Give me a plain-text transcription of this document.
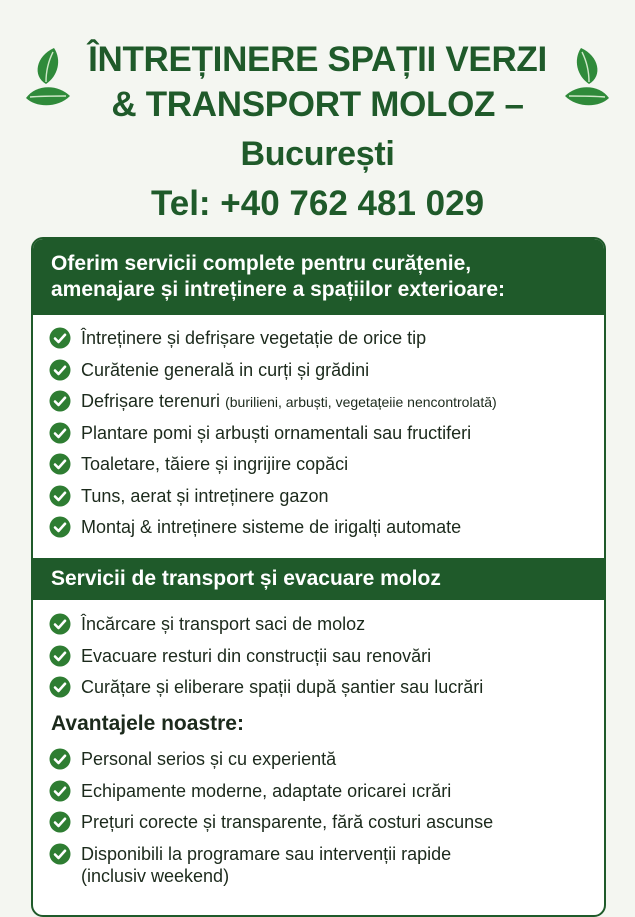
ÎNTREȚINERE SPAȚII VERZI
& TRANSPORT MOLOZ –
București
Tel: +40 762 481 029
Oferim servicii complete pentru curățenie,
amenajare și intreținere a spațiilor exterioare:
Întreținere și defrișare vegetație de orice tip
Curătenie generală in curți și grădini
Defrișare terenuri (burilieni, arbuști, vegetațeiie nencontrolată)
Plantare pomi și arbuști ornamentali sau fructiferi
Toaletare, tăiere și ingrijire copăci
Tuns, aerat și intreținere gazon
Montaj & intreținere sisteme de irigalți automate
Servicii de transport și evacuare moloz
Încărcare și transport saci de moloz
Evacuare resturi din construcții sau renovări
Curățare și eliberare spații după șantier sau lucrări
Avantajele noastre:
Personal serios și cu experientă
Echipamente moderne, adaptate oricarei ıcrări
Prețuri corecte și transparente, fără costuri ascunse
Disponibili la programare sau intervenții rapide
(inclusiv weekend)
